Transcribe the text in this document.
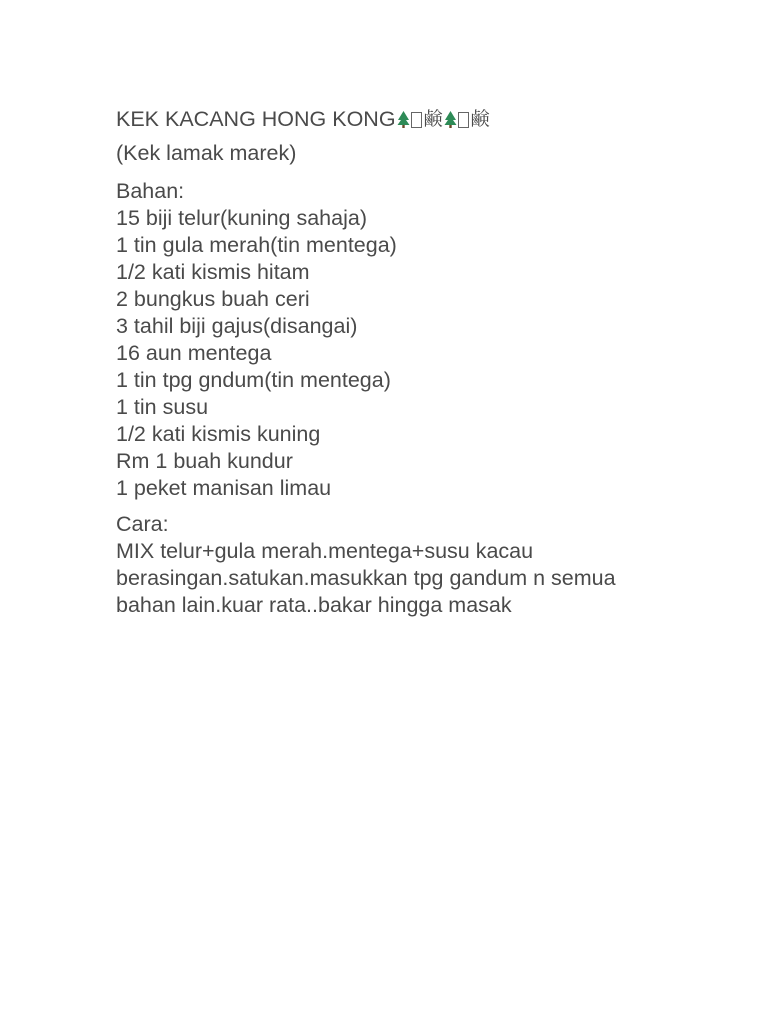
KEK KACANG HONG KONG 鹸 鹸
(Kek lamak marek)
Bahan:
15 biji telur(kuning sahaja)
1 tin gula merah(tin mentega)
1/2 kati kismis hitam
2 bungkus buah ceri
3 tahil biji gajus(disangai)
16 aun mentega
1 tin tpg gndum(tin mentega)
1 tin susu
1/2 kati kismis kuning
Rm 1 buah kundur
1 peket manisan limau
Cara:

MIX telur+gula merah.mentega+susu kacau

berasingan.satukan.masukkan tpg gandum n semua

bahan lain.kuar rata..bakar hingga masak
